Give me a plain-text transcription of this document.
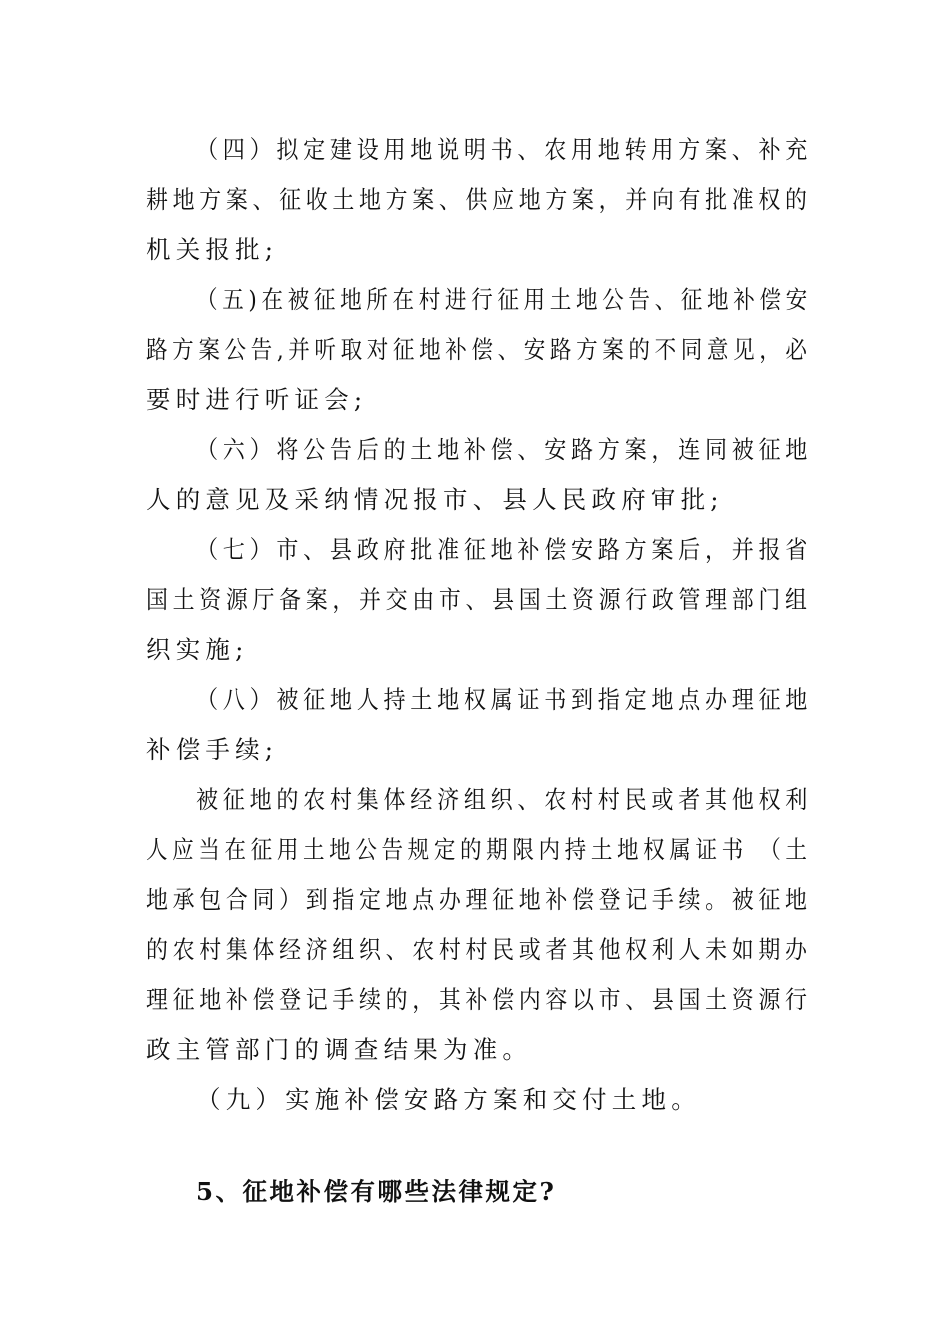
（四）拟定建设用地说明书、农用地转用方案、补充
耕地方案、征收土地方案、供应地方案，并向有批准权的
机关报批;
（五)在被征地所在村进行征用土地公告、征地补偿安
路方案公告,并听取对征地补偿、安路方案的不同意见，必
要时进行听证会;
（六）将公告后的土地补偿、安路方案，连同被征地
人的意见及采纳情况报市、县人民政府审批;
（七）市、县政府批准征地补偿安路方案后，并报省
国土资源厅备案，并交由市、县国土资源行政管理部门组
织实施;
（八）被征地人持土地权属证书到指定地点办理征地
补偿手续;
被征地的农村集体经济组织、农村村民或者其他权利
人应当在征用土地公告规定的期限内持土地权属证书 （土
地承包合同）到指定地点办理征地补偿登记手续。被征地
的农村集体经济组织、农村村民或者其他权利人未如期办
理征地补偿登记手续的，其补偿内容以市、县国土资源行
政主管部门的调查结果为准。
（九）实施补偿安路方案和交付土地。
5、征地补偿有哪些法律规定?
